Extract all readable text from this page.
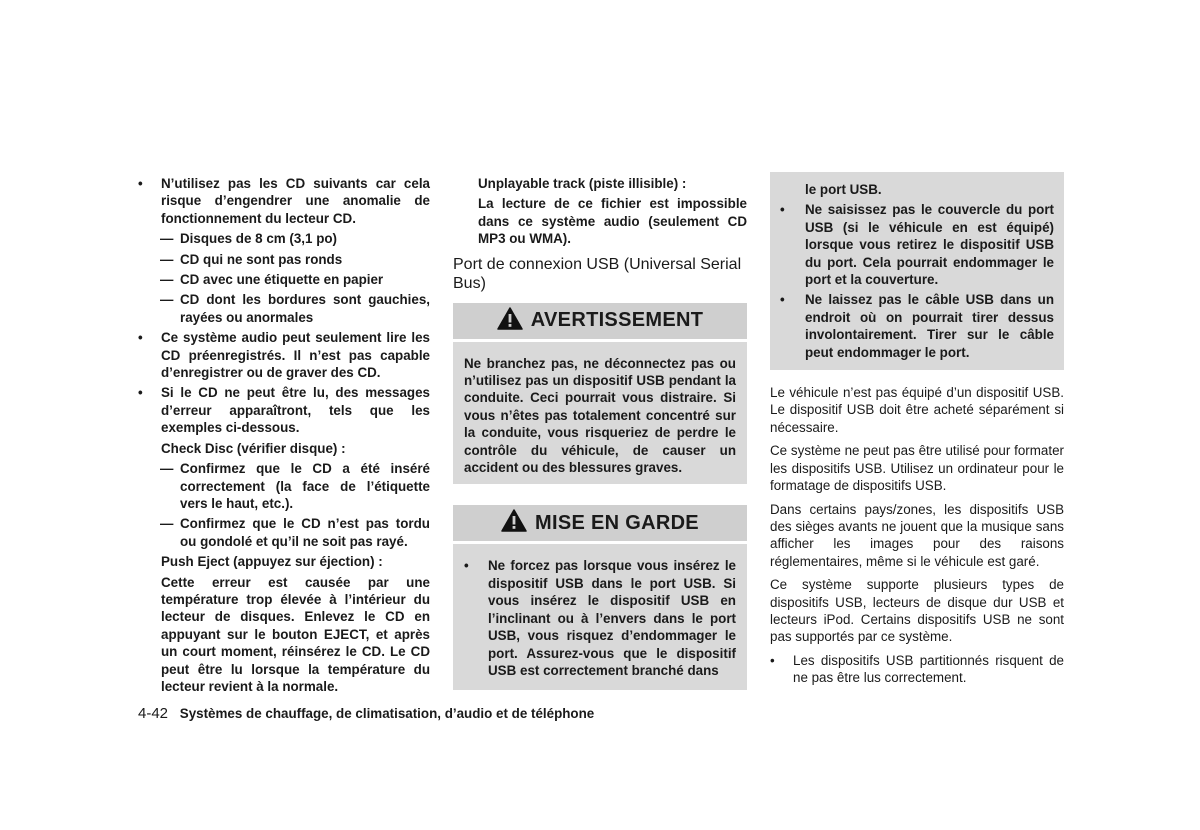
• N’utilisez pas les CD suivants car cela risque d’engendrer une anomalie de fonctionnement du lecteur CD.
— Disques de 8 cm (3,1 po)
— CD qui ne sont pas ronds
— CD avec une étiquette en papier
— CD dont les bordures sont gauchies, rayées ou anormales
• Ce système audio peut seulement lire les CD préenregistrés. Il n’est pas capable d’enregistrer ou de graver des CD.
• Si le CD ne peut être lu, des messages d’erreur apparaîtront, tels que les exemples ci-dessous.
Check Disc (vérifier disque) :
— Confirmez que le CD a été inséré correctement (la face de l’étiquette vers le haut, etc.).
— Confirmez que le CD n’est pas tordu ou gondolé et qu’il ne soit pas rayé.
Push Eject (appuyez sur éjection) :
Cette erreur est causée par une température trop élevée à l’intérieur du lecteur de disques. Enlevez le CD en appuyant sur le bouton EJECT, et après un court moment, réinsérez le CD. Le CD peut être lu lorsque la température du lecteur revient à la normale.
Unplayable track (piste illisible) :
La lecture de ce fichier est impossible dans ce système audio (seulement CD MP3 ou WMA).
Port de connexion USB (Universal Serial Bus)
AVERTISSEMENT
Ne branchez pas, ne déconnectez pas ou n’utilisez pas un dispositif USB pendant la conduite. Ceci pourrait vous distraire. Si vous n’êtes pas totalement concentré sur la conduite, vous risqueriez de perdre le contrôle du véhicule, de causer un accident ou des blessures graves.
MISE EN GARDE
• Ne forcez pas lorsque vous insérez le dispositif USB dans le port USB. Si vous insérez le dispositif USB en l’inclinant ou à l’envers dans le port USB, vous risquez d’endommager le port. Assurez-vous que le dispositif USB est correctement branché dans
le port USB.
• Ne saisissez pas le couvercle du port USB (si le véhicule en est équipé) lorsque vous retirez le dispositif USB du port. Cela pourrait endommager le port et la couverture.
• Ne laissez pas le câble USB dans un endroit où on pourrait tirer dessus involontairement. Tirer sur le câble peut endommager le port.
Le véhicule n’est pas équipé d’un dispositif USB. Le dispositif USB doit être acheté séparément si nécessaire.
Ce système ne peut pas être utilisé pour formater les dispositifs USB. Utilisez un ordinateur pour le formatage de dispositifs USB.
Dans certains pays/zones, les dispositifs USB des sièges avants ne jouent que la musique sans afficher les images pour des raisons réglementaires, même si le véhicule est garé.
Ce système supporte plusieurs types de dispositifs USB, lecteurs de disque dur USB et lecteurs iPod. Certains dispositifs USB ne sont pas supportés par ce système.
• Les dispositifs USB partitionnés risquent de ne pas être lus correctement.
4-42 Systèmes de chauffage, de climatisation, d’audio et de téléphone
